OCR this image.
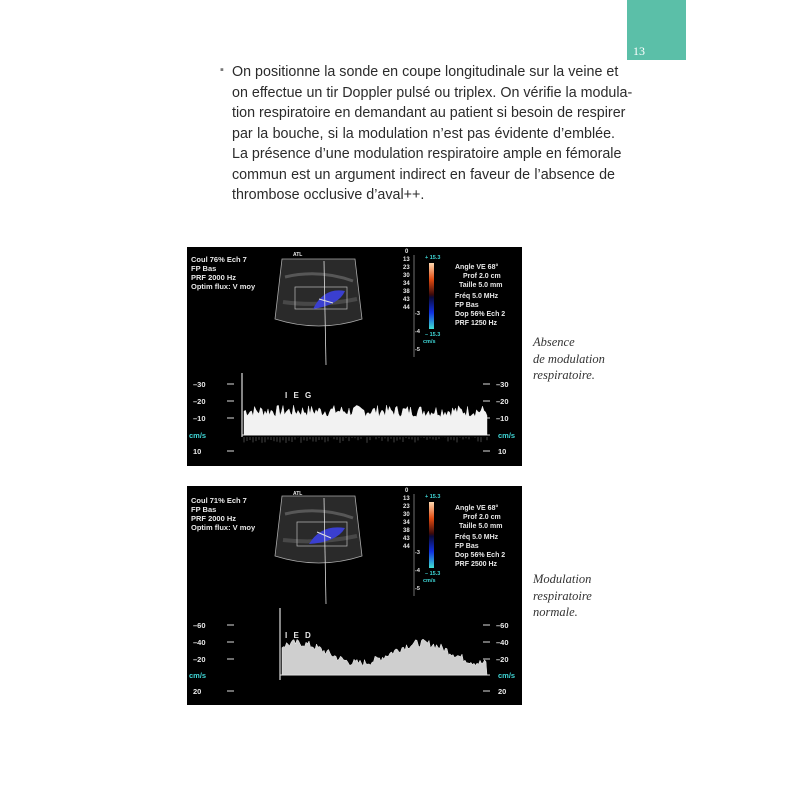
13
▪ On positionne la sonde en coupe longitudinale sur la veine et
on effectue un tir Doppler pulsé ou triplex. On vérifie la modula-
tion respiratoire en demandant au patient si besoin de respirer
par la bouche, si la modulation n’est pas évidente d’emblée.
La présence d’une modulation respiratoire ample en fémorale
commun est un argument indirect en faveur de l’absence de
thrombose occlusive d’aval++.
ATL
Coul 76% Ech 7
FP Bas
PRF 2000 Hz
Optim flux: V moy
0
13
23
30
34
38
43
44
+ 15.3
– 15.3
cm/s
-3
-4
-5
Angle VE 68°
Prof 2.0 cm
Taille 5.0 mm
Fréq 5.0 MHz
FP Bas
Dop 56% Ech 2
PRF 1250 Hz
I E G
–30
–20
–10
cm/s
10
–30
–20
–10
cm/s
10
Absence
de modulation
respiratoire.
ATL
Coul 71% Ech 7
FP Bas
PRF 2000 Hz
Optim flux: V moy
0
13
23
30
34
38
43
44
+ 15.3
– 15.3
cm/s
-3
-4
-5
Angle VE 68°
Prof 2.0 cm
Taille 5.0 mm
Fréq 5.0 MHz
FP Bas
Dop 56% Ech 2
PRF 2500 Hz
I E D
–60
–40
–20
cm/s
20
–60
–40
–20
cm/s
20
Modulation
respiratoire
normale.
